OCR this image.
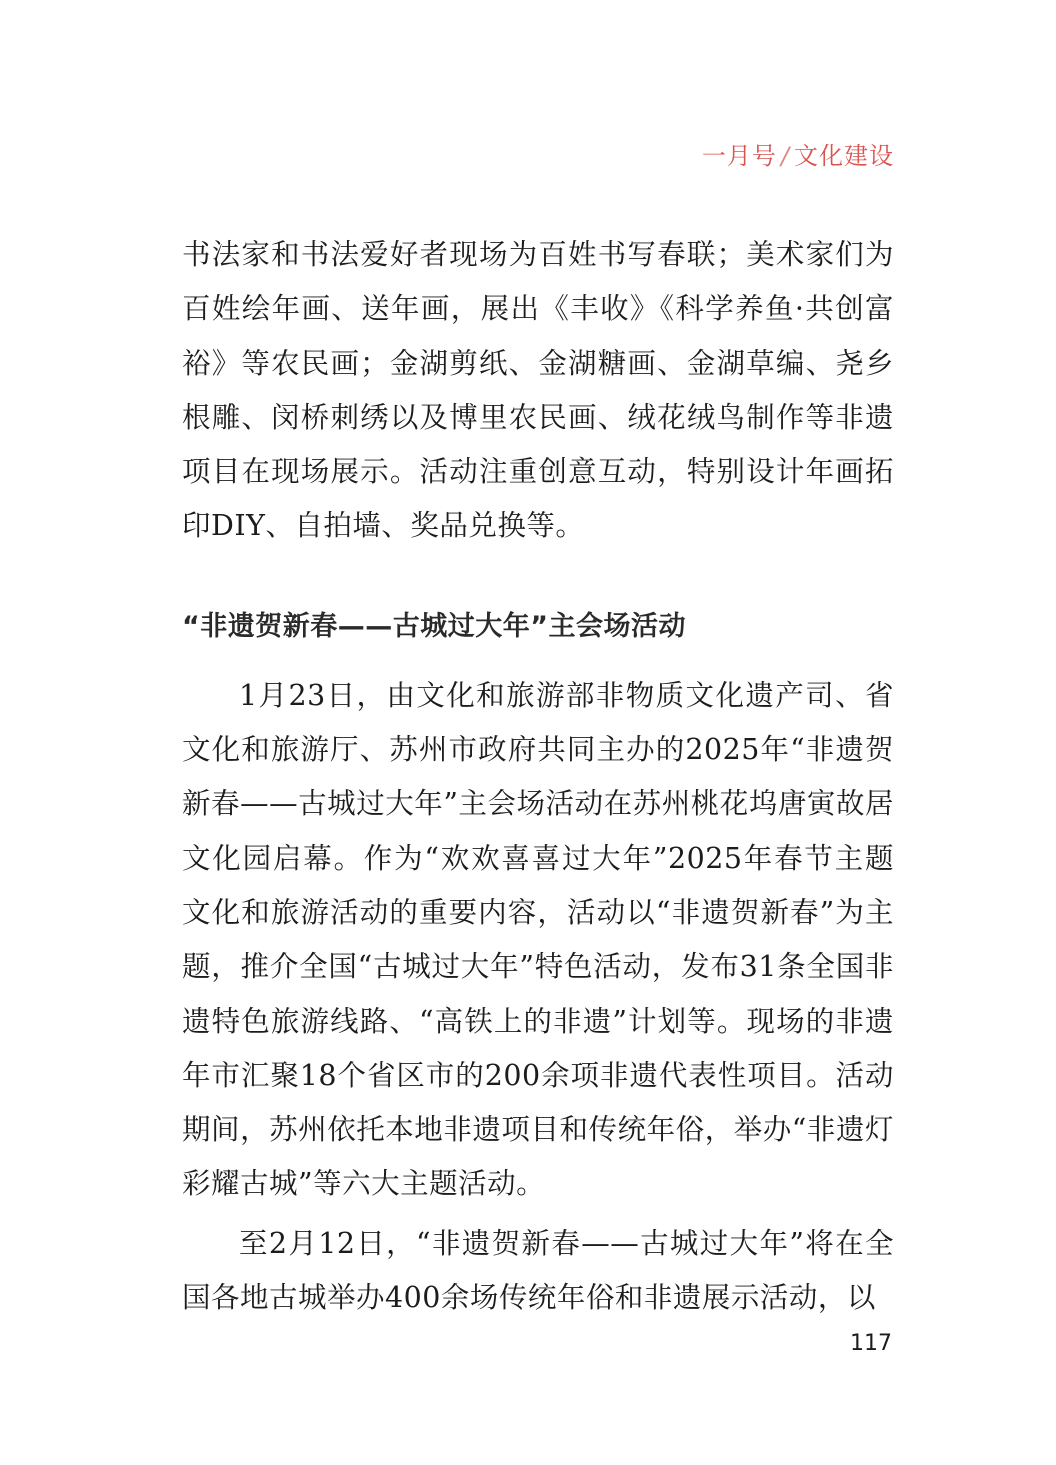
一月号 / 文化建设

书法家和书法爱好者现场为百姓书写春联；美术家们为百姓绘年画、送年画，展出《丰收》《科学养鱼·共创富裕》等农民画；金湖剪纸、金湖糖画、金湖草编、尧乡根雕、闵桥刺绣以及博里农民画、绒花绒鸟制作等非遗项目在现场展示。活动注重创意互动，特别设计年画拓印DIY、自拍墙、奖品兑换等。

“非遗贺新春——古城过大年”主会场活动

1月23日，由文化和旅游部非物质文化遗产司、省文化和旅游厅、苏州市政府共同主办的2025年“非遗贺新春——古城过大年”主会场活动在苏州桃花坞唐寅故居文化园启幕。作为“欢欢喜喜过大年”2025年春节主题文化和旅游活动的重要内容，活动以“非遗贺新春”为主题，推介全国“古城过大年”特色活动，发布31条全国非遗特色旅游线路、“高铁上的非遗”计划等。现场的非遗年市汇聚18个省区市的200余项非遗代表性项目。活动期间，苏州依托本地非遗项目和传统年俗，举办“非遗灯彩耀古城”等六大主题活动。

至2月12日，“非遗贺新春——古城过大年”将在全国各地古城举办400余场传统年俗和非遗展示活动，以

117
